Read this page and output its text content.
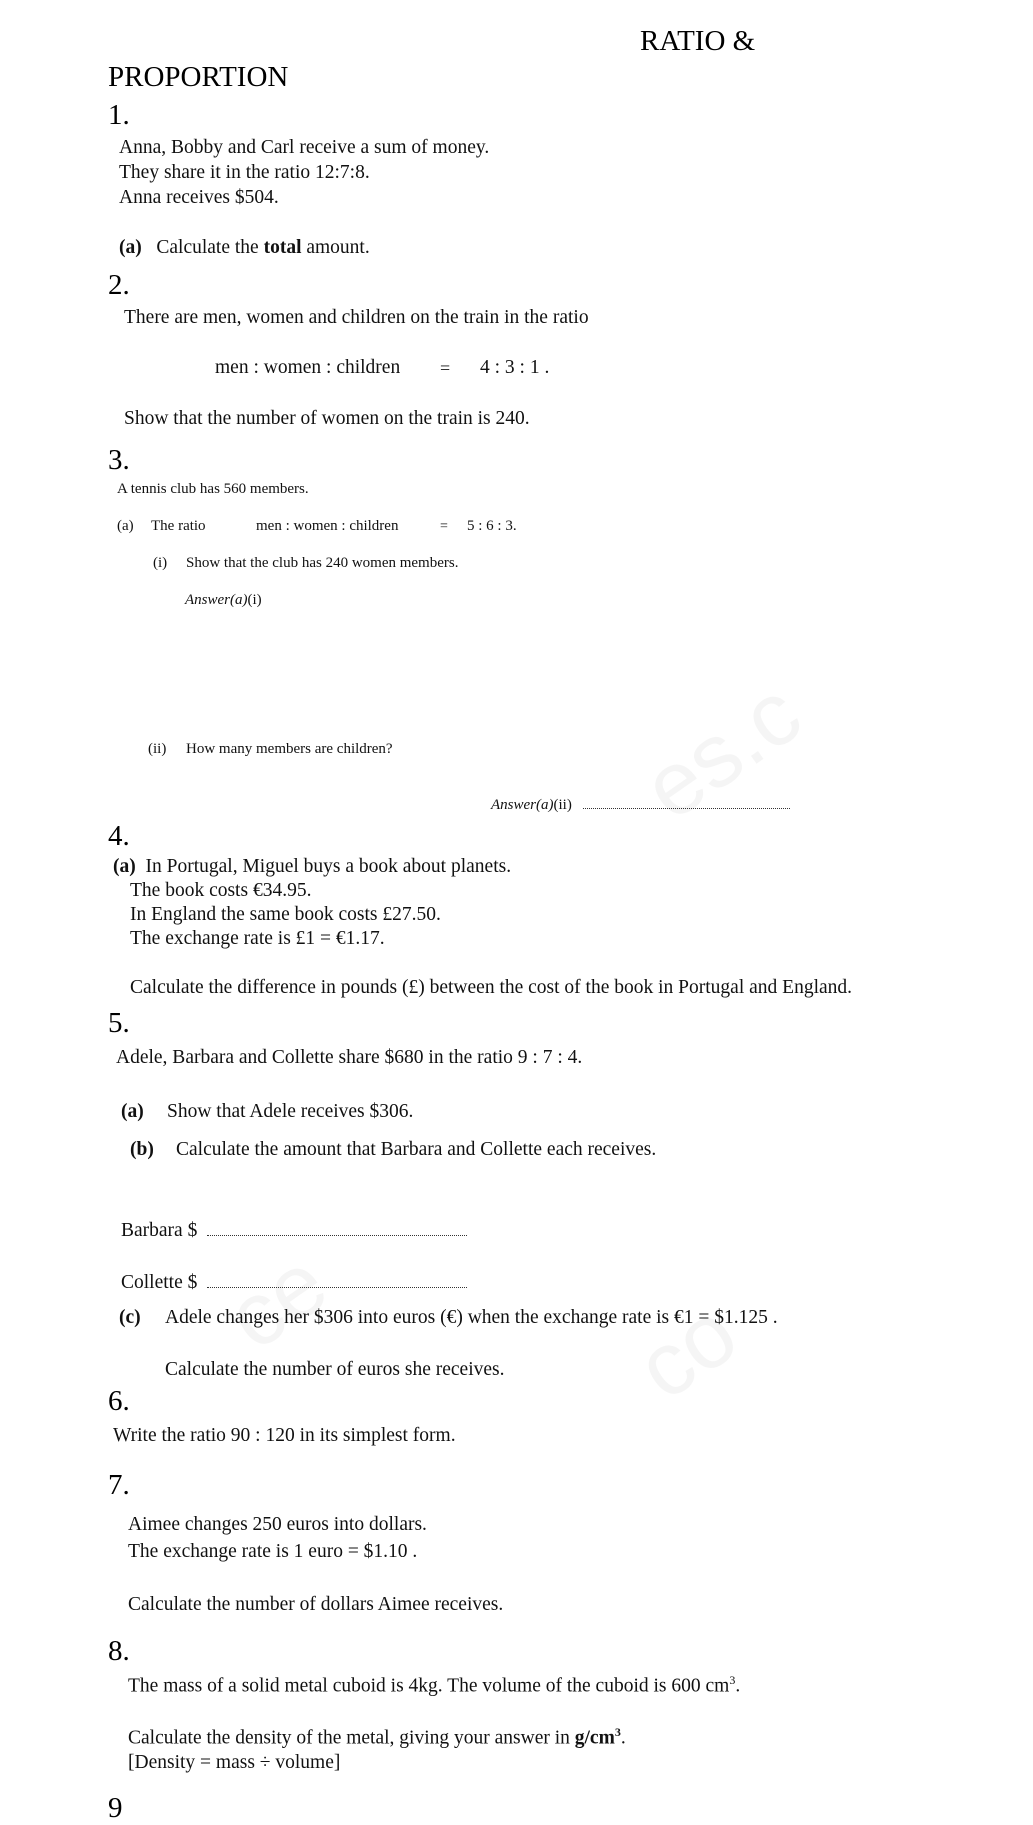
RATIO &
PROPORTION
1.
Anna, Bobby and Carl receive a sum of money.
They share it in the ratio 12:7:8.
Anna receives $504.
(a) Calculate the total amount.
2.
There are men, women and children on the train in the ratio
men : women : children = 4 : 3 : 1 .
Show that the number of women on the train is 240.
3.
A tennis club has 560 members.
(a) The ratio	men : women : children	= 5 : 6 : 3.
(i) Show that the club has 240 women members.
Answer(a)(i)
(ii) How many members are children?
Answer(a)(ii)
4.
(a) In Portugal, Miguel buys a book about planets.
The book costs €34.95.
In England the same book costs £27.50.
The exchange rate is £1 = €1.17.
Calculate the difference in pounds (£) between the cost of the book in Portugal and England.
5.
Adele, Barbara and Collette share $680 in the ratio 9 : 7 : 4.
(a) Show that Adele receives $306.
(b) Calculate the amount that Barbara and Collette each receives.
Barbara $
Collette $
(c) Adele changes her $306 into euros (€) when the exchange rate is €1 = $1.125 .
Calculate the number of euros she receives.
6.
Write the ratio 90 : 120 in its simplest form.
7.
Aimee changes 250 euros into dollars.
The exchange rate is 1 euro = $1.10 .
Calculate the number of dollars Aimee receives.
8.
The mass of a solid metal cuboid is 4kg. The volume of the cuboid is 600 $cm^3$.
Calculate the density of the metal, giving your answer in $g/cm^3$.
[Density = mass ÷ volume]
9
